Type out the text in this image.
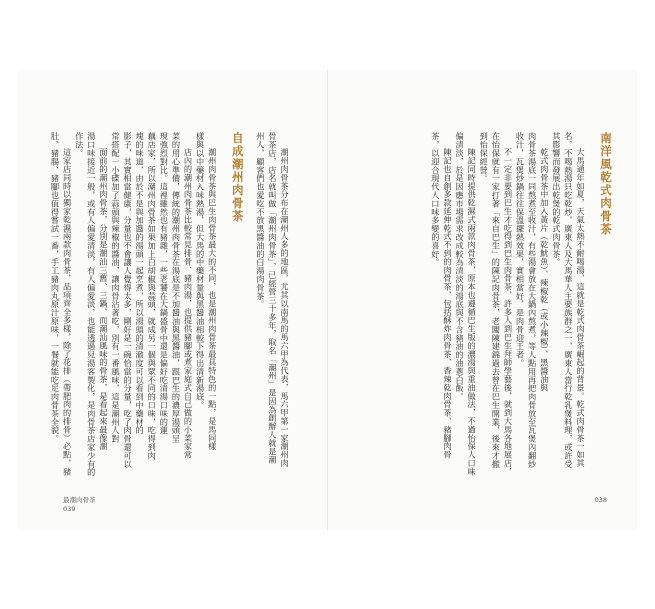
潮州肉骨茶分布在潮州人多的地區，尤其以南馬的馬六甲為代表，馬六甲第一家潮州肉

骨茶店，店名就叫做「潮州肉骨茶」，已經營三十多年，取名「潮州」是因為創辦人就是潮

州人，顧客們也愛吃不放黑醬油的白湯肉骨茶。

自成潮州肉骨茶

潮州肉骨茶與巴生肉骨茶最大的不同，也是潮州肉骨茶最具特色的一點，是馬同樣

樣與以中藥材入味熱湯，但大馬的中藥材量與黑醬油相較下得出清新湯底。

店內的潮州肉骨茶比較常見排骨、豬肉湯，也提供豬腳或煮家庭式自己做的小菜家常

菜的用心準備，傳統的潮州肉骨茶在湯底是不加醬油與黑醬油，跟巴生的濃厚湯頭呈

現強烈對比。這裡雖然也有豬雜，一些老饕在大鍋盛骨中還是偏好吃清湯口味的蓮

藕店家，所以潮州肉骨茶如果加上白胡椒與蒜頭，就成另一個與眾不同的口味，吃得到肉

塊的味道，由於不是與加醬的湯頭一起烹煮，所以湯頭的清澈度可以看到中藥材的

影子，其實相當健康，分量也不會讓人覺得太多，剛好是一碗恰當的分量，吃了肉骨還可以

常搭配一小碟加了蒜頭與辣椒的醬油，讓肉骨沾著吃，別有一番風味，這是潮州人對

面前的潮州肉骨茶，分別是潮汕三舊、三鍋、而潮汕風味的骨茶，是看起來最像潮

湯口味接近一般，或有人偏愛清淡，有人偏愛淡，也能透過兒湯客製化，是肉骨茶店家少有的

作法。

這家店同時以獨家乾濕兩款肉骨茶，品項齊全多樣，除了花排（帶肥肉的排骨）必點，豬

肚、豬腸、豬腳也值得嘗試一番，手工豬肉丸原汁原味，一餐就能吃足肉骨茶全貌。

最潮肉骨茶
039

南洋風乾式肉骨茶

大馬通年如夏，天氣太熱不耐喝湯，這就是乾式肉骨茶崛起的背景。乾式肉骨茶一如其

名，不喝熱湯只吃乾炒，廣東人及大馬華人主要族群之一，廣東人當行乾乳煲料理，或許受

其影響而發展出乾煲的乾式肉骨茶。

乾式肉骨茶中加入黃片（乾魷魚）、辣椒乾（或小辣椒）、黑醬油與

肉骨茶湯底一同熬煮至收汁，有些湯會放在大鍋內熬煮，等人點用再把肉骨放至瓦煲內翻炒

收汁，瓦煲炒鍋往往保溫擺熱效果，實相當好，是肉骨迎王者。

不一定非要到巴生才吃得到巴生肉骨茶，許多人到巴生拜師學藝後，就到大馬各地展店，

在怡保就有一家打著「來自巴生」的陳記肉骨茶，老闆陳建錦過去曾在巴生開業，後來才搬

到怡保經營。

陳記同時提供乾濕式兩款肉骨茶，原本也遵循巴生版的濃湯與重油做法，不過怡保人口味

偏清淡，於是因應市場需求改成較為清淡的湯底與不含豬油的油蔥白飯。

陳記也自創多款延伸乾式不到的肉骨茶，包括酥炸肉骨茶、香辣乾肉骨茶、豬腳肉骨

茶，以迎合現代人口味多變的喜好。

038
